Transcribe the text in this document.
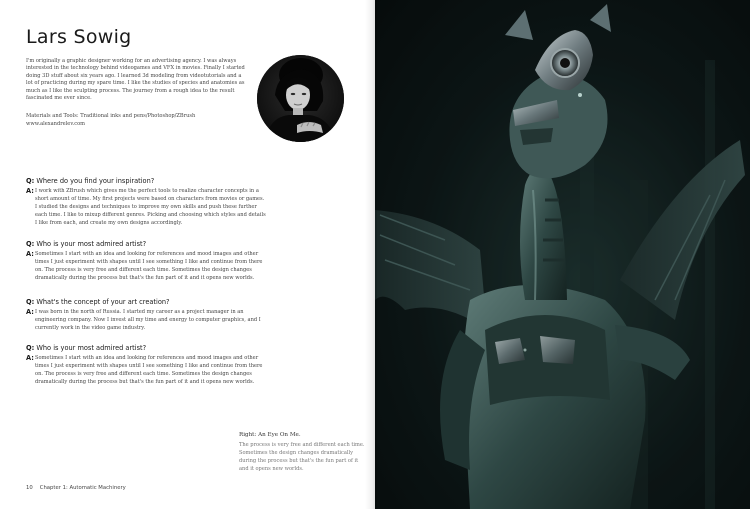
Lars Sowig
I'm originally a graphic designer working for an advertising agency. I was always interested in the technology behind videogames and VFX in movies. Finally I started doing 3D stuff about six years ago. I learned 3d modeling from videotutorials and a lot of practicing during my spare time. I like the studies of species and anatomies as much as I like the sculpting process. The journey from a rough idea to the result fascinated me ever since.
Materials and Tools: Traditional inks and pens/Photoshop/ZBrush
www.alexandrelev.com
Q: Where do you find your inspiration?
A: I work with ZBrush which gives me the perfect tools to realize character concepts in a short amount of time. My first projects were based on characters from movies or games. I studied the designs and techniques to improve my own skills and push these further each time. I like to mixup different genres. Picking and choosing which styles and details I like from each, and create my own designs accordingly.
Q: Who is your most admired artist?
A: Sometimes I start with an idea and looking for references and mood images and other times I just experiment with shapes until I see something I like and continue from there on. The process is very free and different each time. Sometimes the design changes dramatically during the process but that's the fun part of it and it opens new worlds.
Q: What's the concept of your art creation?
A: I was born in the north of Russia. I started my career as a project manager in an engineering company. Now I invest all my time and energy to computer graphics, and I currently work in the video game industry.
Q: Who is your most admired artist?
A: Sometimes I start with an idea and looking for references and mood images and other times I just experiment with shapes until I see something I like and continue from there on. The process is very free and different each time. Sometimes the design changes dramatically during the process but that's the fun part of it and it opens new worlds.
Right: An Eye On Me.
The process is very free and different each time. Sometimes the design changes dramatically during the process but that's the fun part of it and it opens new worlds.
10 Chapter 1: Automatic Machinery
